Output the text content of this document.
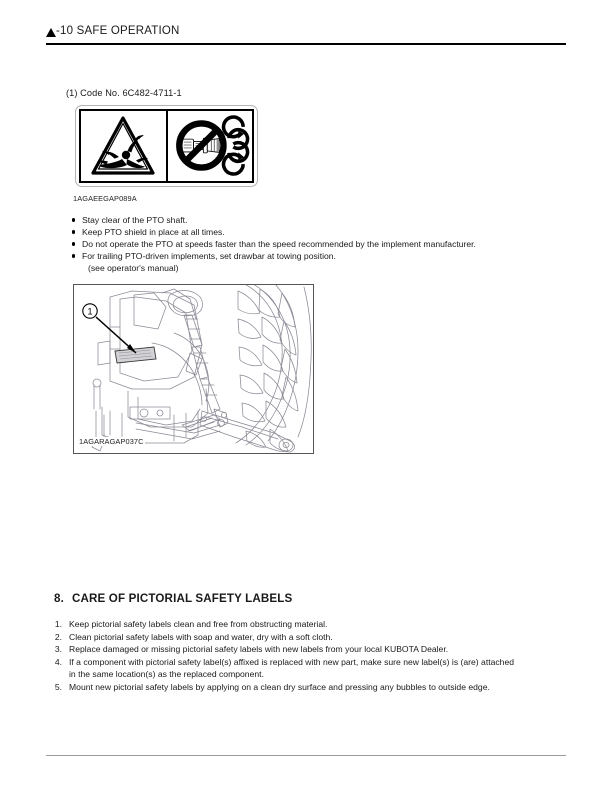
-10 SAFE OPERATION
(1) Code No. 6C482-4711-1
1AGAEEGAP089A
Stay clear of the PTO shaft.
Keep PTO shield in place at all times.
Do not operate the PTO at speeds faster than the speed recommended by the implement manufacturer.
For trailing PTO-driven implements, set drawbar at towing position.
(see operator's manual)
1
1AGARAGAP037C
8. CARE OF PICTORIAL SAFETY LABELS
1. Keep pictorial safety labels clean and free from obstructing material.
2. Clean pictorial safety labels with soap and water, dry with a soft cloth.
3. Replace damaged or missing pictorial safety labels with new labels from your local KUBOTA Dealer.
4. If a component with pictorial safety label(s) affixed is replaced with new part, make sure new label(s) is (are) attached
in the same location(s) as the replaced component.
5. Mount new pictorial safety labels by applying on a clean dry surface and pressing any bubbles to outside edge.
